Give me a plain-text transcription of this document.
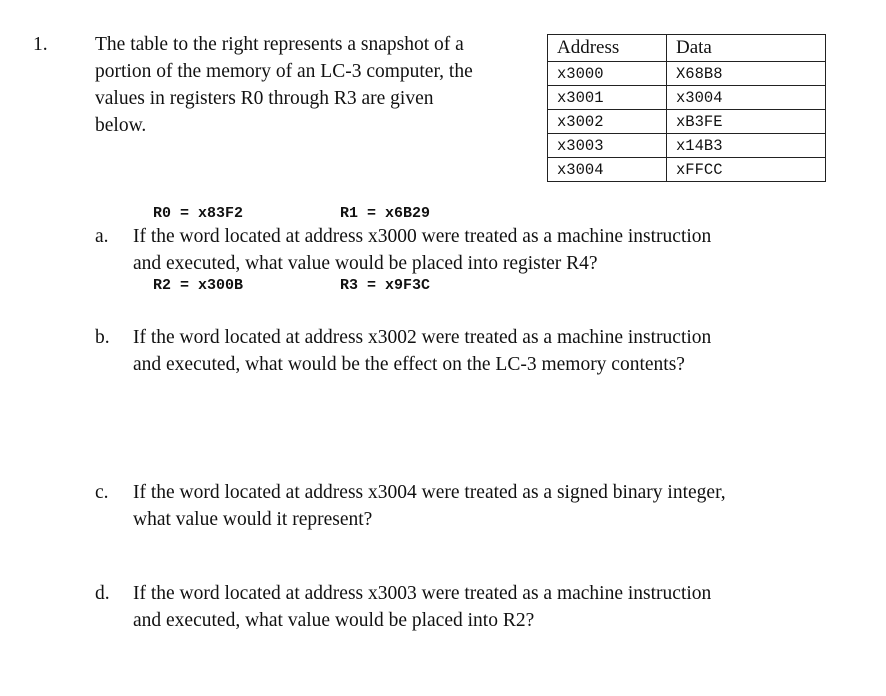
1. The table to the right represents a snapshot of a
portion of the memory of an LC-3 computer, the
values in registers R0 through R3 are given
below.

R0 = x83F2

R2 = x300B

R1 = x6B29

R3 = x9F3C

Address	Data
x3000	X68B8
x3001	x3004
x3002	xB3FE
x3003	x14B3
x3004	xFFCC
a. If the word located at address x3000 were treated as a machine instruction
and executed, what value would be placed into register R4?
b. If the word located at address x3002 were treated as a machine instruction
and executed, what would be the effect on the LC-3 memory contents?
c. If the word located at address x3004 were treated as a signed binary integer,
what value would it represent?
d. If the word located at address x3003 were treated as a machine instruction
and executed, what value would be placed into R2?
